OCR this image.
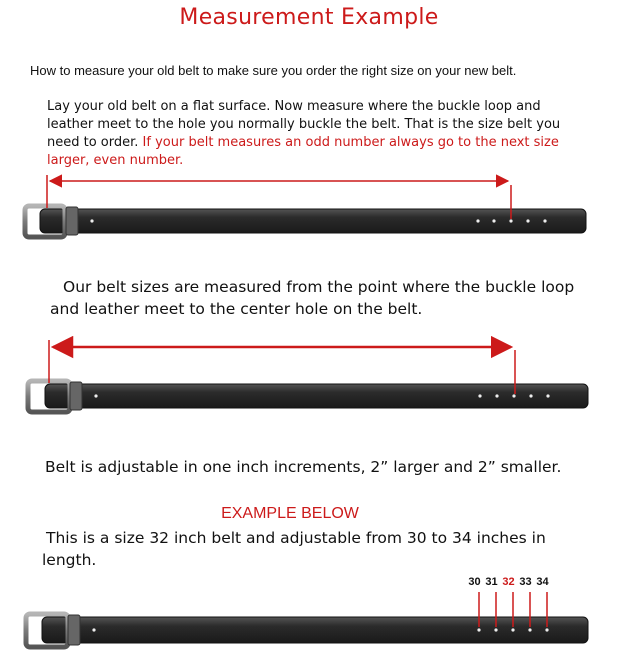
Measurement Example
How to measure your old belt to make sure you order the right size on your new belt.
Lay your old belt on a flat surface. Now measure where the buckle loop and leather meet to the hole you normally buckle the belt. That is the size belt you need to order. If your belt measures an odd number always go to the next size larger, even number.
Our belt sizes are measured from the point where the buckle loop and leather meet to the center hole on the belt.
Belt is adjustable in one inch increments, 2” larger and 2” smaller.
EXAMPLE BELOW
This is a size 32 inch belt and adjustable from 30 to 34 inches in length.
30 31 32 33 34
